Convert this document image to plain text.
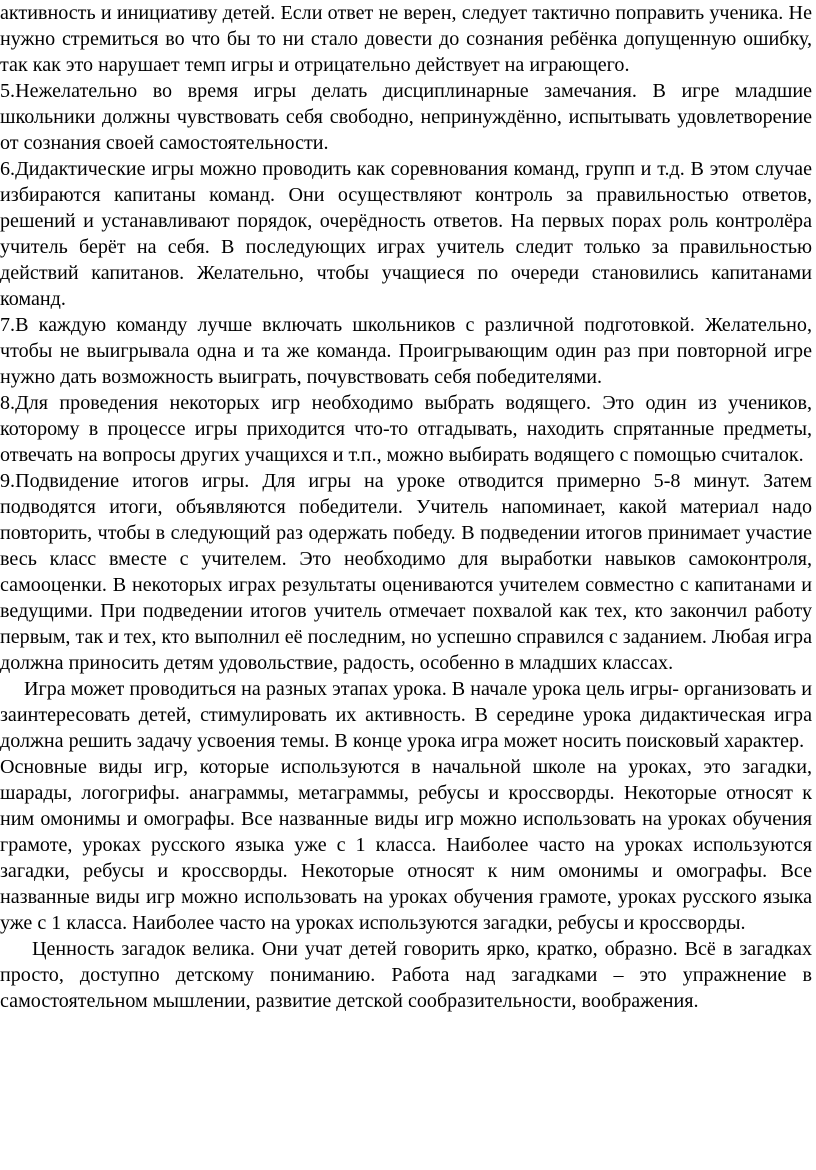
активность и инициативу детей. Если ответ не верен, следует тактично поправить ученика. Не нужно стремиться во что бы то ни стало довести до сознания ребёнка допущенную ошибку, так как это нарушает темп игры и отрицательно действует на играющего.

5.Нежелательно во время игры делать дисциплинарные замечания. В игре младшие школьники должны чувствовать себя свободно, непринуждённо, испытывать удовлетворение от сознания своей самостоятельности.

6.Дидактические игры можно проводить как соревнования команд, групп и т.д. В этом случае избираются капитаны команд. Они осуществляют контроль за правильностью ответов, решений и устанавливают порядок, очерёдность ответов. На первых порах роль контролёра учитель берёт на себя. В последующих играх учитель следит только за правильностью действий капитанов. Желательно, чтобы учащиеся по очереди становились капитанами команд.

7.В каждую команду лучше включать школьников с различной подготовкой. Желательно, чтобы не выигрывала одна и та же команда. Проигрывающим один раз при повторной игре нужно дать возможность выиграть, почувствовать себя победителями.

8.Для проведения некоторых игр необходимо выбрать водящего. Это один из учеников, которому в процессе игры приходится что-то отгадывать, находить спрятанные предметы, отвечать на вопросы других учащихся и т.п., можно выбирать водящего с помощью считалок.

9.Подвидение итогов игры. Для игры на уроке отводится примерно 5-8 минут. Затем подводятся итоги, объявляются победители. Учитель напоминает, какой материал надо повторить, чтобы в следующий раз одержать победу. В подведении итогов принимает участие весь класс вместе с учителем. Это необходимо для выработки навыков самоконтроля, самооценки. В некоторых играх результаты оцениваются учителем совместно с капитанами и ведущими. При подведении итогов учитель отмечает похвалой как тех, кто закончил работу первым, так и тех, кто выполнил её последним, но успешно справился с заданием. Любая игра должна приносить детям удовольствие, радость, особенно в младших классах.

Игра может проводиться на разных этапах урока. В начале урока цель игры- организовать и заинтересовать детей, стимулировать их активность. В середине урока дидактическая игра должна решить задачу усвоения темы. В конце урока игра может носить поисковый характер.

Основные виды игр, которые используются в начальной школе на уроках, это загадки, шарады, логогрифы. анаграммы, метаграммы, ребусы и кроссворды. Некоторые относят к ним омонимы и омографы. Все названные виды игр можно использовать на уроках обучения грамоте, уроках русского языка уже с 1 класса. Наиболее часто на уроках используются загадки, ребусы и кроссворды. Некоторые относят к ним омонимы и омографы. Все названные виды игр можно использовать на уроках обучения грамоте, уроках русского языка уже с 1 класса. Наиболее часто на уроках используются загадки, ребусы и кроссворды.

Ценность загадок велика. Они учат детей говорить ярко, кратко, образно. Всё в загадках просто, доступно детскому пониманию. Работа над загадками – это упражнение в самостоятельном мышлении, развитие детской сообразительности, воображения.
